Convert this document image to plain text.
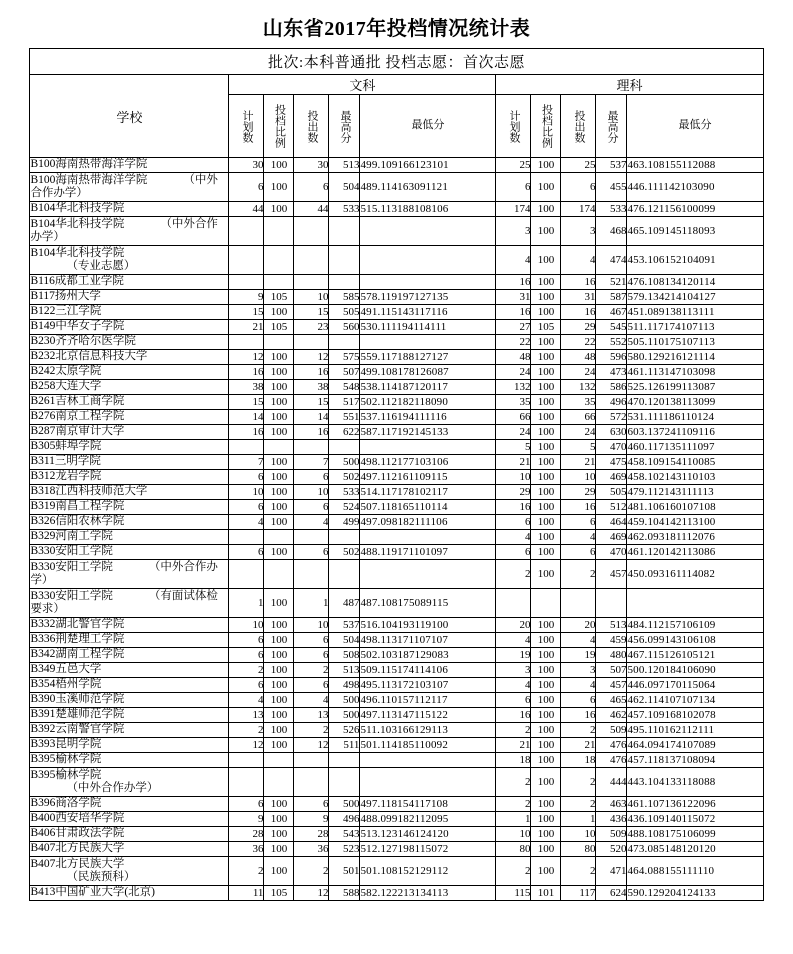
山东省2017年投档情况统计表
批次:本科普通批 投档志愿：首次志愿										
学校	文科					理科				

	计划数	投档比例	投出数	最高分	最低分	计划数	投档比例	投出数	最高分	最低分
B100海南热带海洋学院	30	100	30	513	499.109166123101	25	100	25	537	463.108155112088
B100海南热带海洋学院 （中外合作办学）	6	100	6	504	489.114163091121	6	100	6	455	446.111142103090
B104华北科技学院	44	100	44	533	515.113188108106	174	100	174	533	476.121156100099
B104华北科技学院 （中外合作办学）						3	100	3	468	465.109145118093
B104华北科技学院（专业志愿）						4	100	4	474	453.106152104091
B116成都工业学院						16	100	16	521	476.108134120114
B117扬州大学	9	105	10	585	578.119197127135	31	100	31	587	579.134214104127
B122三江学院	15	100	15	505	491.115143117116	16	100	16	467	451.089138113111
B149中华女子学院	21	105	23	560	530.111194114111	27	105	29	545	511.117174107113
B230齐齐哈尔医学院						22	100	22	552	505.110175107113
B232北京信息科技大学	12	100	12	575	559.117188127127	48	100	48	596	580.129216121114
B242太原学院	16	100	16	507	499.108178126087	24	100	24	473	461.113147103098
B258大连大学	38	100	38	548	538.114187120117	132	100	132	586	525.126199113087
B261吉林工商学院	15	100	15	517	502.112182118090	35	100	35	496	470.120138113099
B276南京工程学院	14	100	14	551	537.116194111116	66	100	66	572	531.111186110124
B287南京审计大学	16	100	16	622	587.117192145133	24	100	24	630	603.137241109116
B305蚌埠学院						5	100	5	470	460.117135111097
B311三明学院	7	100	7	500	498.112177103106	21	100	21	475	458.109154110085
B312龙岩学院	6	100	6	502	497.112161109115	10	100	10	469	458.102143110103
B318江西科技师范大学	10	100	10	533	514.117178102117	29	100	29	505	479.112143111113
B319南昌工程学院	6	100	6	524	507.118165110114	16	100	16	512	481.106160107108
B326信阳农林学院	4	100	4	499	497.098182111106	6	100	6	464	459.104142113100
B329河南工学院						4	100	4	469	462.093181112076
B330安阳工学院	6	100	6	502	488.119171101097	6	100	6	470	461.120142113086
B330安阳工学院 （中外合作办学）						2	100	2	457	450.093161114082
B330安阳工学院 （有面试体检要求）	1	100	1	487	487.108175089115					
B332湖北警官学院	10	100	10	537	516.104193119100	20	100	20	513	484.112157106109
B336荆楚理工学院	6	100	6	504	498.113171107107	4	100	4	459	456.099143106108
B342湖南工程学院	6	100	6	508	502.103187129083	19	100	19	480	467.115126105121
B349五邑大学	2	100	2	513	509.115174114106	3	100	3	507	500.120184106090
B354梧州学院	6	100	6	498	495.113172103107	4	100	4	457	446.097170115064
B390玉溪师范学院	4	100	4	500	496.110157112117	6	100	6	465	462.114107107134
B391楚雄师范学院	13	100	13	500	497.113147115122	16	100	16	462	457.109168102078
B392云南警官学院	2	100	2	526	511.103166129113	2	100	2	509	495.110162112111
B393昆明学院	12	100	12	511	501.114185110092	21	100	21	476	464.094174107089
B395榆林学院						18	100	18	476	457.118137108094
B395榆林学院（中外合作办学）						2	100	2	444	443.104133118088
B396商洛学院	6	100	6	500	497.118154117108	2	100	2	463	461.107136122096
B400西安培华学院	9	100	9	496	488.099182112095	1	100	1	436	436.109140115072
B406甘肃政法学院	28	100	28	543	513.123146124120	10	100	10	509	488.108175106099
B407北方民族大学	36	100	36	523	512.127198115072	80	100	80	520	473.085148120120
B407北方民族大学（民族预科）	2	100	2	501	501.108152129112	2	100	2	471	464.088155111110
B413中国矿业大学(北京)	11	105	12	588	582.122213134113	115	101	117	624	590.129204124133
